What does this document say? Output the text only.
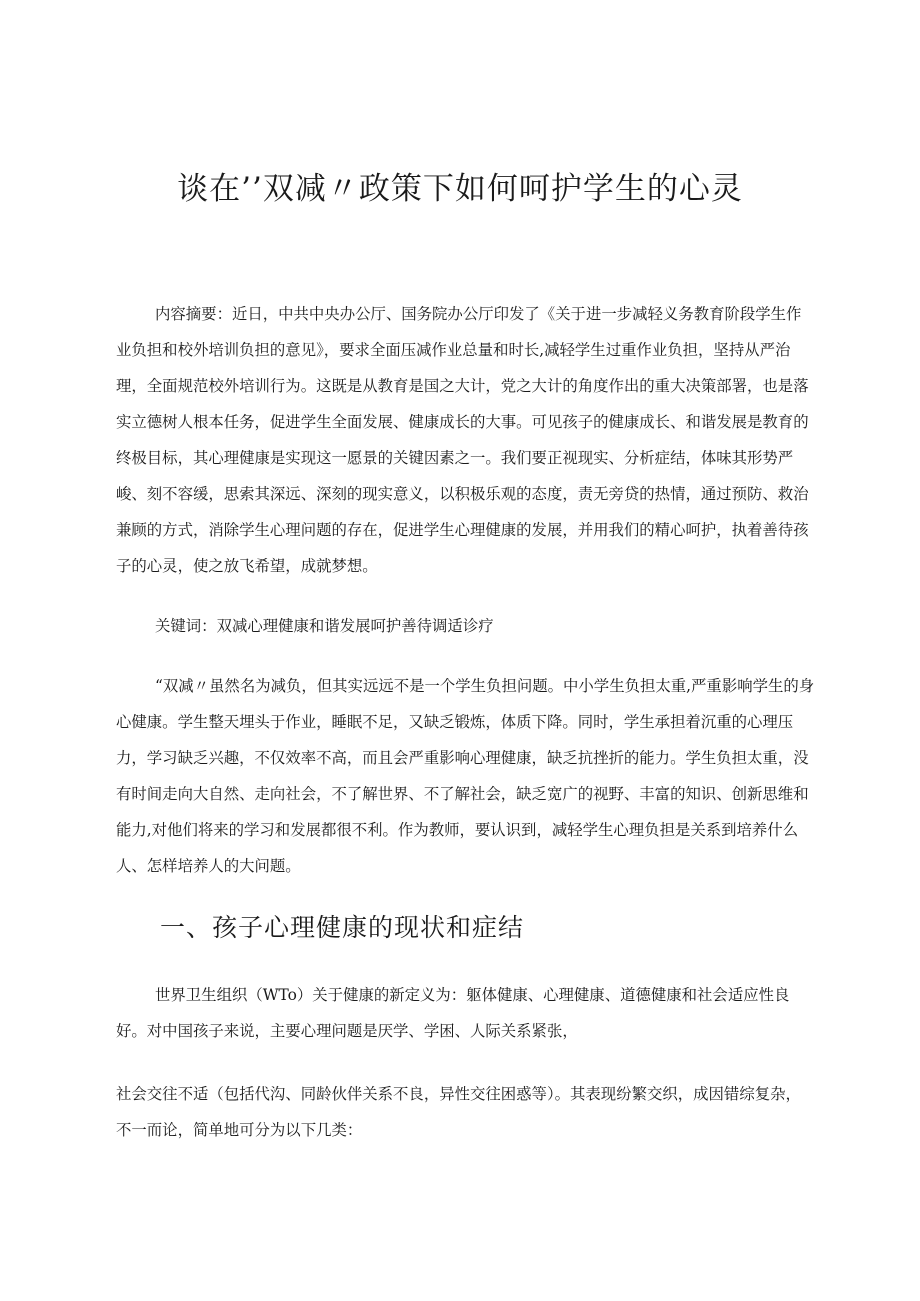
谈在’’双减〃政策下如何呵护学生的心灵

内容摘要：近日，中共中央办公厅、国务院办公厅印发了《关于进一步减轻义务教育阶段学生作业负担和校外培训负担的意见》，要求全面压减作业总量和时长,减轻学生过重作业负担，坚持从严治理，全面规范校外培训行为。这既是从教育是国之大计，党之大计的角度作出的重大决策部署，也是落实立德树人根本任务，促进学生全面发展、健康成长的大事。可见孩子的健康成长、和谐发展是教育的终极目标，其心理健康是实现这一愿景的关键因素之一。我们要正视现实、分析症结，体味其形势严峻、刻不容缓，思索其深远、深刻的现实意义，以积极乐观的态度，责无旁贷的热情，通过预防、救治兼顾的方式，消除学生心理问题的存在，促进学生心理健康的发展，并用我们的精心呵护，执着善待孩子的心灵，使之放飞希望，成就梦想。

关键词：双减心理健康和谐发展呵护善待调适诊疗

“双减〃虽然名为减负，但其实远远不是一个学生负担问题。中小学生负担太重,严重影响学生的身心健康。学生整天埋头于作业，睡眠不足，又缺乏锻炼，体质下降。同时，学生承担着沉重的心理压力，学习缺乏兴趣，不仅效率不高，而且会严重影响心理健康，缺乏抗挫折的能力。学生负担太重，没有时间走向大自然、走向社会，不了解世界、不了解社会，缺乏宽广的视野、丰富的知识、创新思维和能力,对他们将来的学习和发展都很不利。作为教师，要认识到，减轻学生心理负担是关系到培养什么人、怎样培养人的大问题。

一、孩子心理健康的现状和症结

世界卫生组织（WTo）关于健康的新定义为：躯体健康、心理健康、道德健康和社会适应性良好。对中国孩子来说，主要心理问题是厌学、学困、人际关系紧张，

社会交往不适（包括代沟、同龄伙伴关系不良，异性交往困惑等）。其表现纷繁交织，成因错综复杂，不一而论，简单地可分为以下几类：
